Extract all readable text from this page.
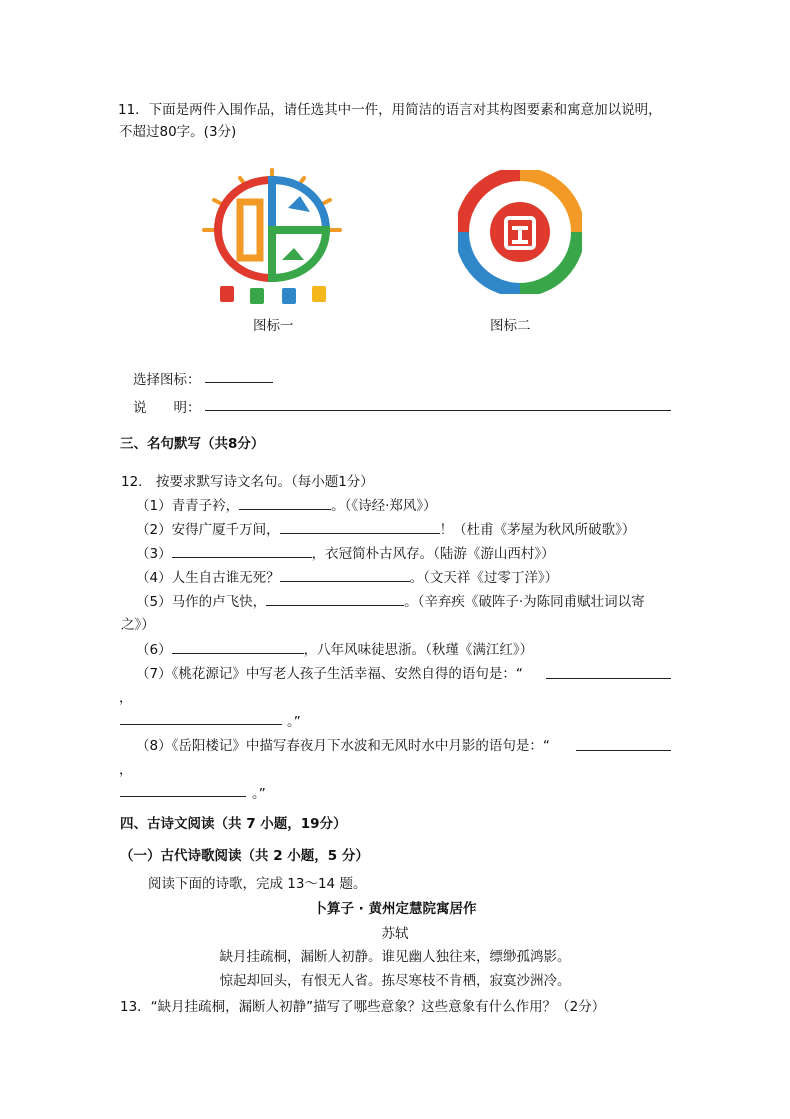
11．下面是两件入围作品，请任选其中一件，用简洁的语言对其构图要素和寓意加以说明，
不超过80字。(3分)
图标一	图标二
选择图标：
说　　明：
三、名句默写（共8分）
12． 按要求默写诗文名句。（每小题1分）
（1）青青子衿，	。（《诗经·郑风》）
（2）安得广厦千万间，	！（杜甫《茅屋为秋风所破歌》）
（3）	，衣冠简朴古风存。（陆游《游山西村》）
（4）人生自古谁无死？	。（文天祥《过零丁洋》）
（5）马作的卢飞快，	。（辛弃疾《破阵子·为陈同甫赋壮词以寄
之》）
（6）	，八年风味徒思浙。（秋瑾《满江红》）
（7）《桃花源记》中写老人孩子生活幸福、安然自得的语句是：“
，
。”
（8）《岳阳楼记》中描写春夜月下水波和无风时水中月影的语句是：“
，
。”
四、古诗文阅读（共 7 小题，19分）
（一）古代诗歌阅读（共 2 小题，5 分）
阅读下面的诗歌，完成 13～14 题。
卜算子 · 黄州定慧院寓居作
苏轼
缺月挂疏桐，漏断人初静。谁见幽人独往来，缥缈孤鸿影。
惊起却回头，有恨无人省。拣尽寒枝不肯栖，寂寞沙洲冷。
13．“缺月挂疏桐，漏断人初静”描写了哪些意象？这些意象有什么作用？（2分）
